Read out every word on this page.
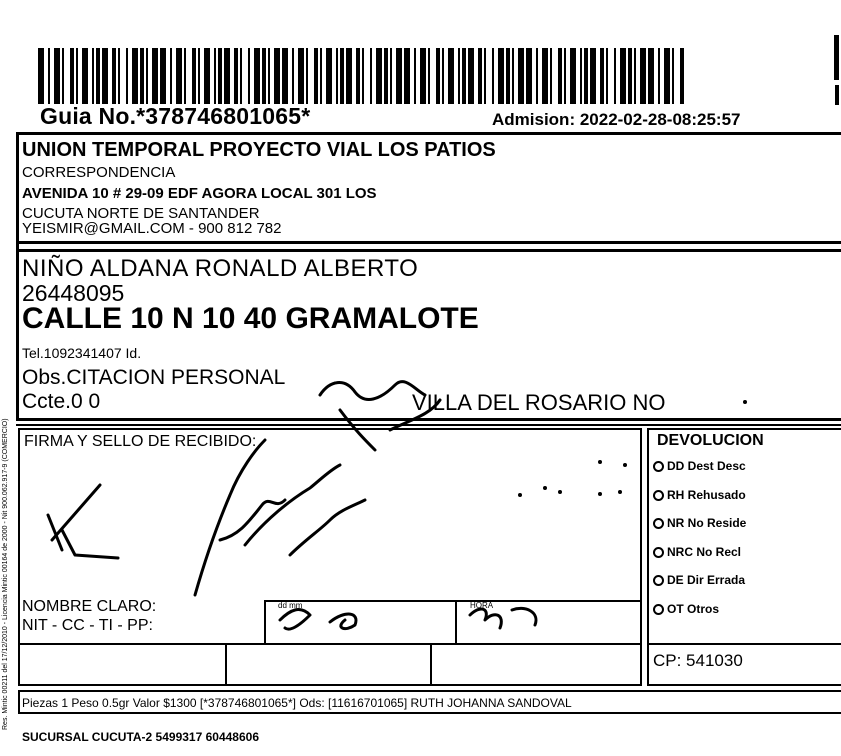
Guia No.*378746801065*	Admision: 2022-02-28-08:25:57
UNION TEMPORAL PROYECTO VIAL LOS PATIOS
CORRESPONDENCIA
AVENIDA 10 # 29-09 EDF AGORA LOCAL 301 LOS
CUCUTA NORTE DE SANTANDER
YEISMIR@GMAIL.COM - 900 812 782
NIÑO ALDANA RONALD ALBERTO
26448095
CALLE 10 N 10 40 GRAMALOTE
Tel.1092341407 Id.
Obs.CITACION PERSONAL
Ccte.0 0	VILLA DEL ROSARIO NO
FIRMA Y SELLO DE RECIBIDO:
NOMBRE CLARO:
NIT - CC - TI - PP:
dd mm	HORA
DEVOLUCION
DD Dest Desc
RH Rehusado
NR No Reside
NRC No Recl
DE Dir Errada
OT Otros
CP: 541030
Piezas 1 Peso 0.5gr Valor $1300 [*378746801065*] Ods: [11616701065] RUTH JOHANNA SANDOVAL
SUCURSAL CUCUTA-2 5499317 60448606
Res. Mintic 00211 del 17/12/2010 - Licencia Mintic 00164 de 2000 - Nit 900.062.917-9 (COMERCIO)
